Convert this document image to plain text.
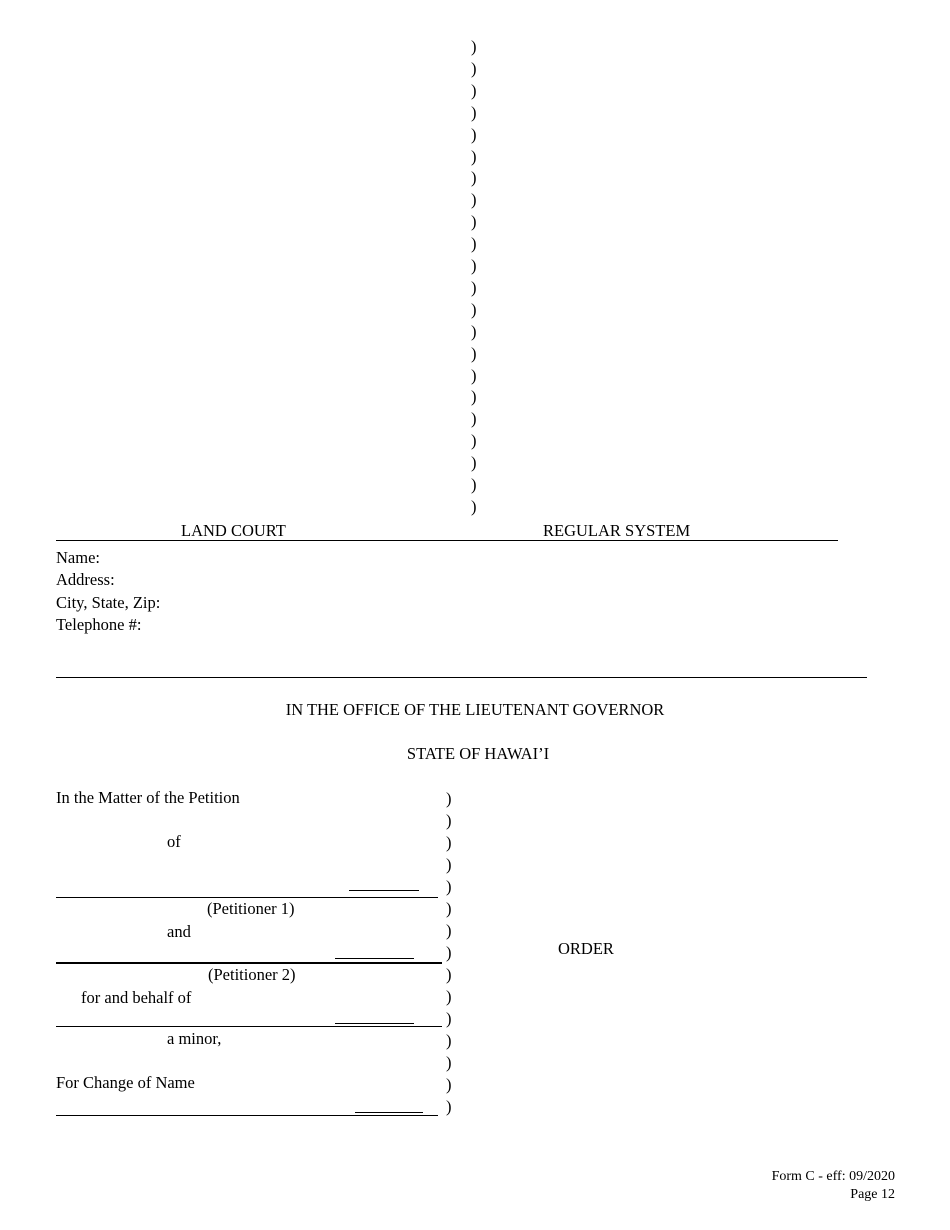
)
)
)
)
)
)
)
)
)
)
)
)
)
)
)
)
)
)
)
)
)
)
LAND COURT	REGULAR SYSTEM
Name:
Address:
City, State, Zip:
Telephone #:
IN THE OFFICE OF THE LIEUTENANT GOVERNOR
STATE OF HAWAI’I
In the Matter of the Petition
of
(Petitioner 1)
and
(Petitioner 2)
for and behalf of
a minor,
For Change of Name
)
)
)
)
)
)
)
)
)
)
)
)
)
)
)
ORDER
Form C - eff: 09/2020
Page 12
